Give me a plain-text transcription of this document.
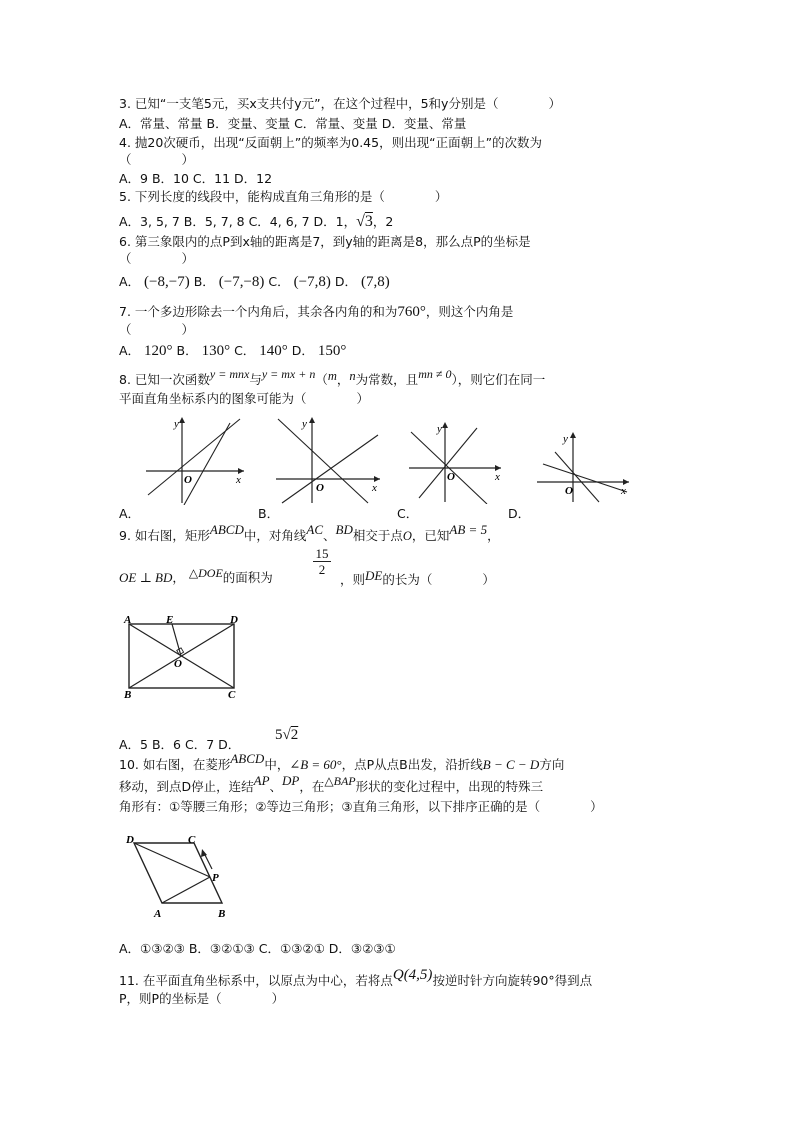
3. 已知“一支笔5元，买x支共付y元”，在这个过程中，5和y分别是（　　　　）
A．常量、常量 B．变量、变量 C．常量、变量 D．变量、常量
4. 抛20次硬币，出现“反面朝上”的频率为0.45，则出现“正面朝上”的次数为
（　　　　）
A．9 B．10 C．11 D．12
5. 下列长度的线段中，能构成直角三角形的是（　　　　）
A．3, 5, 7 B．5, 7, 8 C．4, 6, 7 D．1，√3，2
6. 第三象限内的点P到x轴的距离是7，到y轴的距离是8，那么点P的坐标是
（　　　　）
A． (−8,−7) B． (−7,−8) C． (−7,8) D． (7,8)
7. 一个多边形除去一个内角后，其余各内角的和为760°，则这个内角是
（　　　　）
A． 120° B． 130° C． 140° D． 150°
8. 已知一次函数y = mnx与y = mx + n（m，n为常数，且mn ≠ 0），则它们在同一
平面直角坐标系内的图象可能为（　　　　）
y
x
O
y
x
O
y
x
O
y
x
O
A．	B．	C．	D．
9. 如右图，矩形ABCD中，对角线AC、BD相交于点O，已知AB = 5，
OE ⊥ BD， △DOE的面积为
$\frac{15}{2}$
，则DE的长为（　　　　）
A	E	D
O
B	C
A．5 B．6 C．7 D．
5√2
10. 如右图，在菱形ABCD中，∠B = 60°，点P从点B出发，沿折线B − C − D方向
移动，到点D停止，连结AP、DP，在△BAP形状的变化过程中，出现的特殊三
角形有：①等腰三角形；②等边三角形；③直角三角形，以下排序正确的是（　　　　）
D	C
P
A	B
A．①③②③ B．③②①③ C．①③②① D．③②③①
11. 在平面直角坐标系中，以原点为中心，若将点Q(4,5)按逆时针方向旋转90°得到点
P，则P的坐标是（　　　　）
